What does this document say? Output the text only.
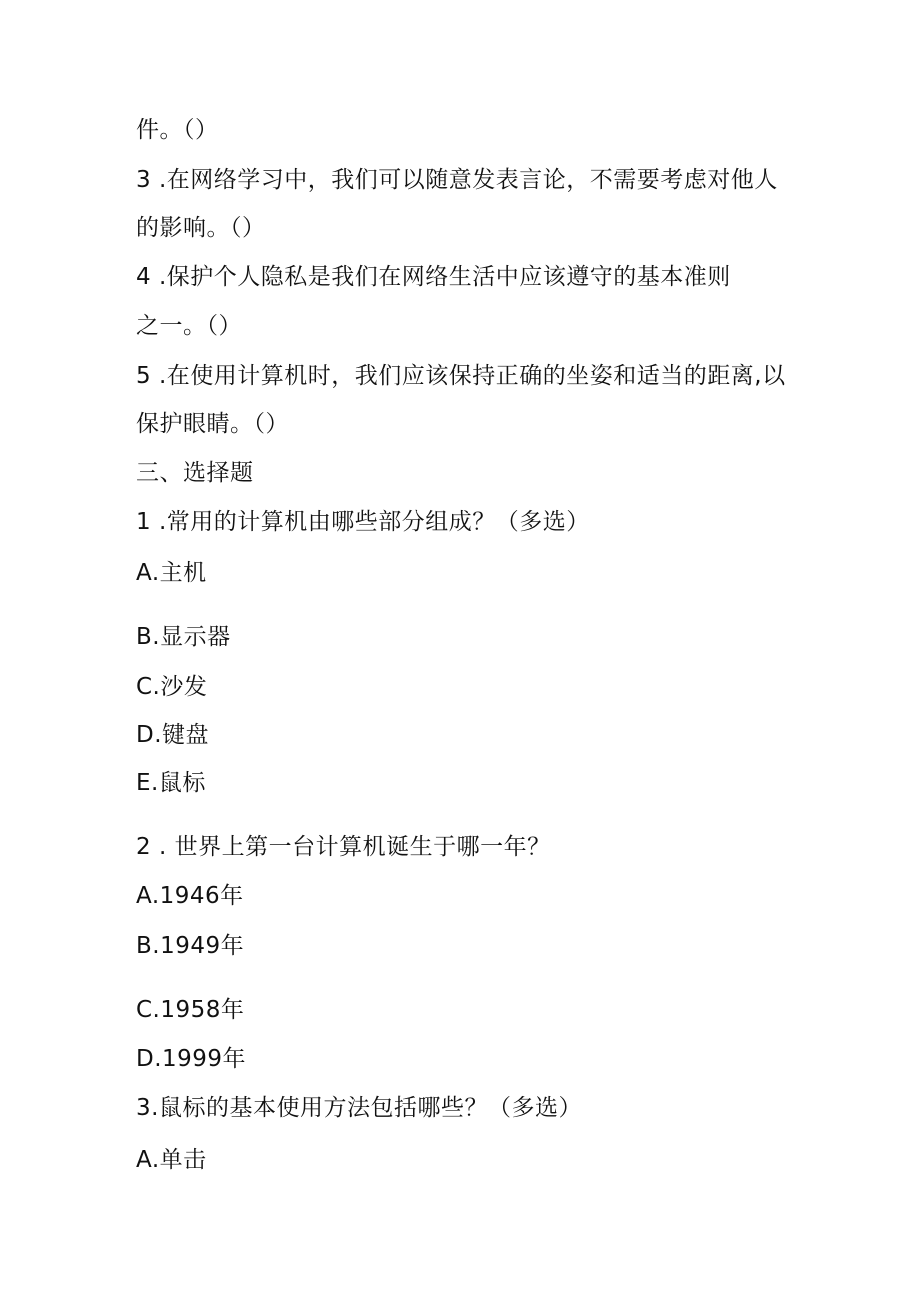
件。（）
3 .在网络学习中，我们可以随意发表言论，不需要考虑对他人
的影响。（）
4 .保护个人隐私是我们在网络生活中应该遵守的基本准则
之一。（）
5 .在使用计算机时，我们应该保持正确的坐姿和适当的距离,以
保护眼睛。（）
三、选择题
1 .常用的计算机由哪些部分组成？（多选）
A.主机
B.显示器
C.沙发
D.键盘
E.鼠标
2 . 世界上第一台计算机诞生于哪一年？
A.1946年
B.1949年
C.1958年
D.1999年
3.鼠标的基本使用方法包括哪些？（多选）
A.单击
